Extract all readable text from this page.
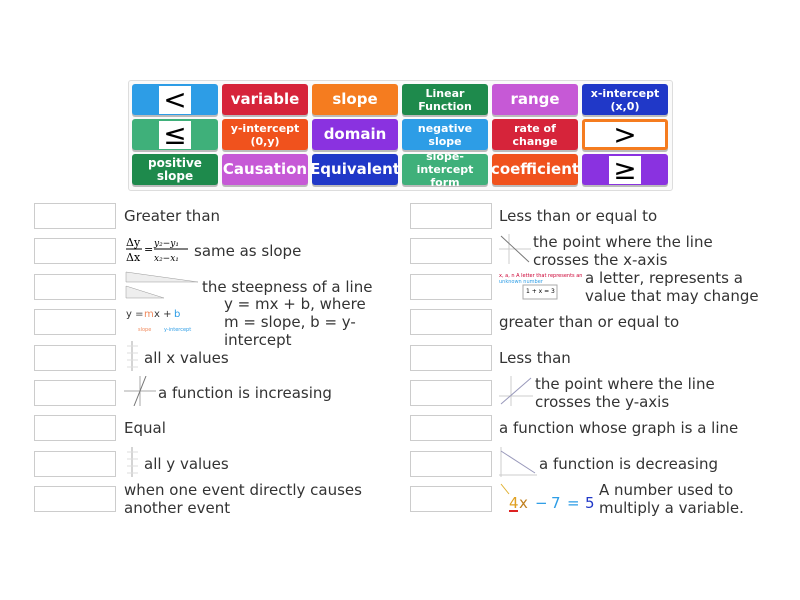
<	variable slope	Linear Function	range	x-intercept (x,0)
≤	y-intercept (0,y)	domain	negative slope
rate of change	>
positive slope	Causation Equivalent
slope-intercept form
coefficient ≥
Greater than
Δy
Δx
= y₂−y₁
x₂−x₁ same as slope
the steepness of a line
y = m x + b
slope	y-intercept
y = mx + b, where m = slope, b = y-intercept
all x values
a function is increasing
Equal
all y values
when one event directly causes another event
Less than or equal to
the point where the line crosses the x-axis
x, a, n A letter that represents an
unknown number
1 + x = 3
a letter, represents a value that may change
greater than or equal to
Less than
the point where the line crosses the y-axis
a function whose graph is a line
a function is decreasing
4 x − 7 = 5
A number used to multiply a variable.
